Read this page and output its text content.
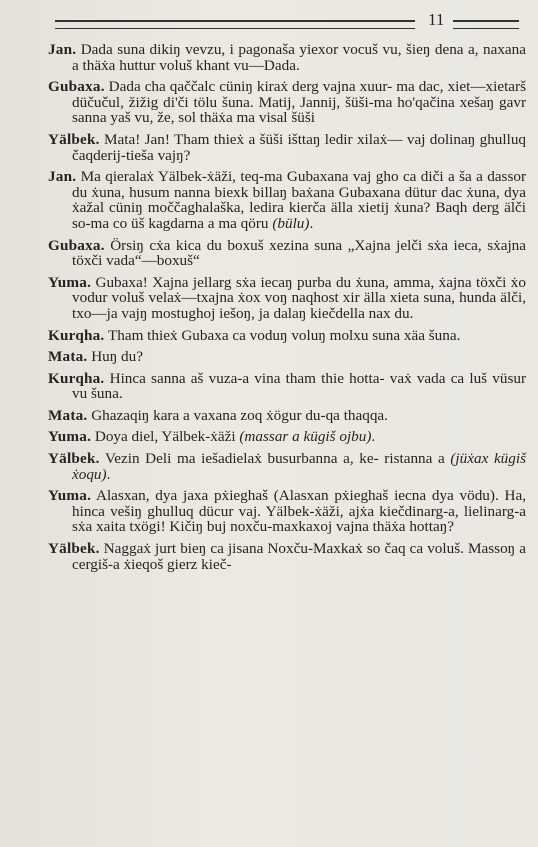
11
Jan. Dada suna dikiŋ vevzu, i pagonaša yiexor vocuš vu, šieŋ dena a, naxana a thäẋa huttur voluš khant vu—Dada.
Gubaxa. Dada cha qaččalc cüniŋ kiraẋ derg vajna xuur- ma dac, xiet—xietarš düčučul, žižig di'či tölu šuna. Matij, Jannij, šüši-ma ho'qačina xešaŋ gavr sanna yaš vu, že, sol thäẋa ma visal šüši
Yälbek. Mata! Jan! Tham thieẋ a šüši išttaŋ ledir xilaẋ— vaj dolinaŋ ghulluq čaqderij-tieša vajŋ?
Jan. Ma qieralaẋ Yälbek-ẋäži, teq-ma Gubaxana vaj gho ca diči a ša a dassor du ẋuna, husum nanna biexk billaŋ baẋana Gubaxana dütur dac ẋuna, dya ẋažal cüniŋ moččaghalaška, ledira kierča älla xietij ẋuna? Baqh derg älči so-ma co üš kagdarna a ma qöru (bülu).
Gubaxa. Örsiŋ cẋa kica du boxuš xezina suna „Xajna jelči sẋa ieca, sẋajna töxči vada“—boxuš“
Yuma. Gubaxa! Xajna jellarg sẋa iecaŋ purba du ẋuna, amma, ẋajna töxči ẋo vodur voluš velaẋ—txajna ẋox voŋ naqhost xir älla xieta suna, hunda älči, txo—ja vajŋ mostughoj iešoŋ, ja dalaŋ kiečdella nax du.
Kurqha. Tham thieẋ Gubaxa ca voduŋ voluŋ molxu suna xäa šuna.
Mata. Huŋ du?
Kurqha. Hinca sanna aš vuza-a vina tham thie hotta- vaẋ vada ca luš vüsur vu šuna.
Mata. Ghazaqiŋ kara a vaxana zoq ẋögur du-qa thaqqa.
Yuma. Doya diel, Yälbek-ẋäži (massar a kügiš ojbu).
Yälbek. Vezin Deli ma iešadielaẋ busurbanna a, ke- ristanna a (jüẋax kügiš ẋoqu).
Yuma. Alasxan, dya jaxa pẋieghaš (Alasxan pẋieghaš iecna dya vödu). Ha, hinca vešiŋ ghulluq dücur vaj. Yälbek-ẋäži, ajẋa kiečdinarg-a, lielinarg-a sẋa xaita txögi! Kičiŋ buj noxču-maxkaxoj vajna thäẋa hottaŋ?
Yälbek. Naggaẋ jurt bieŋ ca jisana Noxču-Maxkaẋ so čaq ca voluš. Massoŋ a cergiš-a ẋieqoš gierz kieč-
